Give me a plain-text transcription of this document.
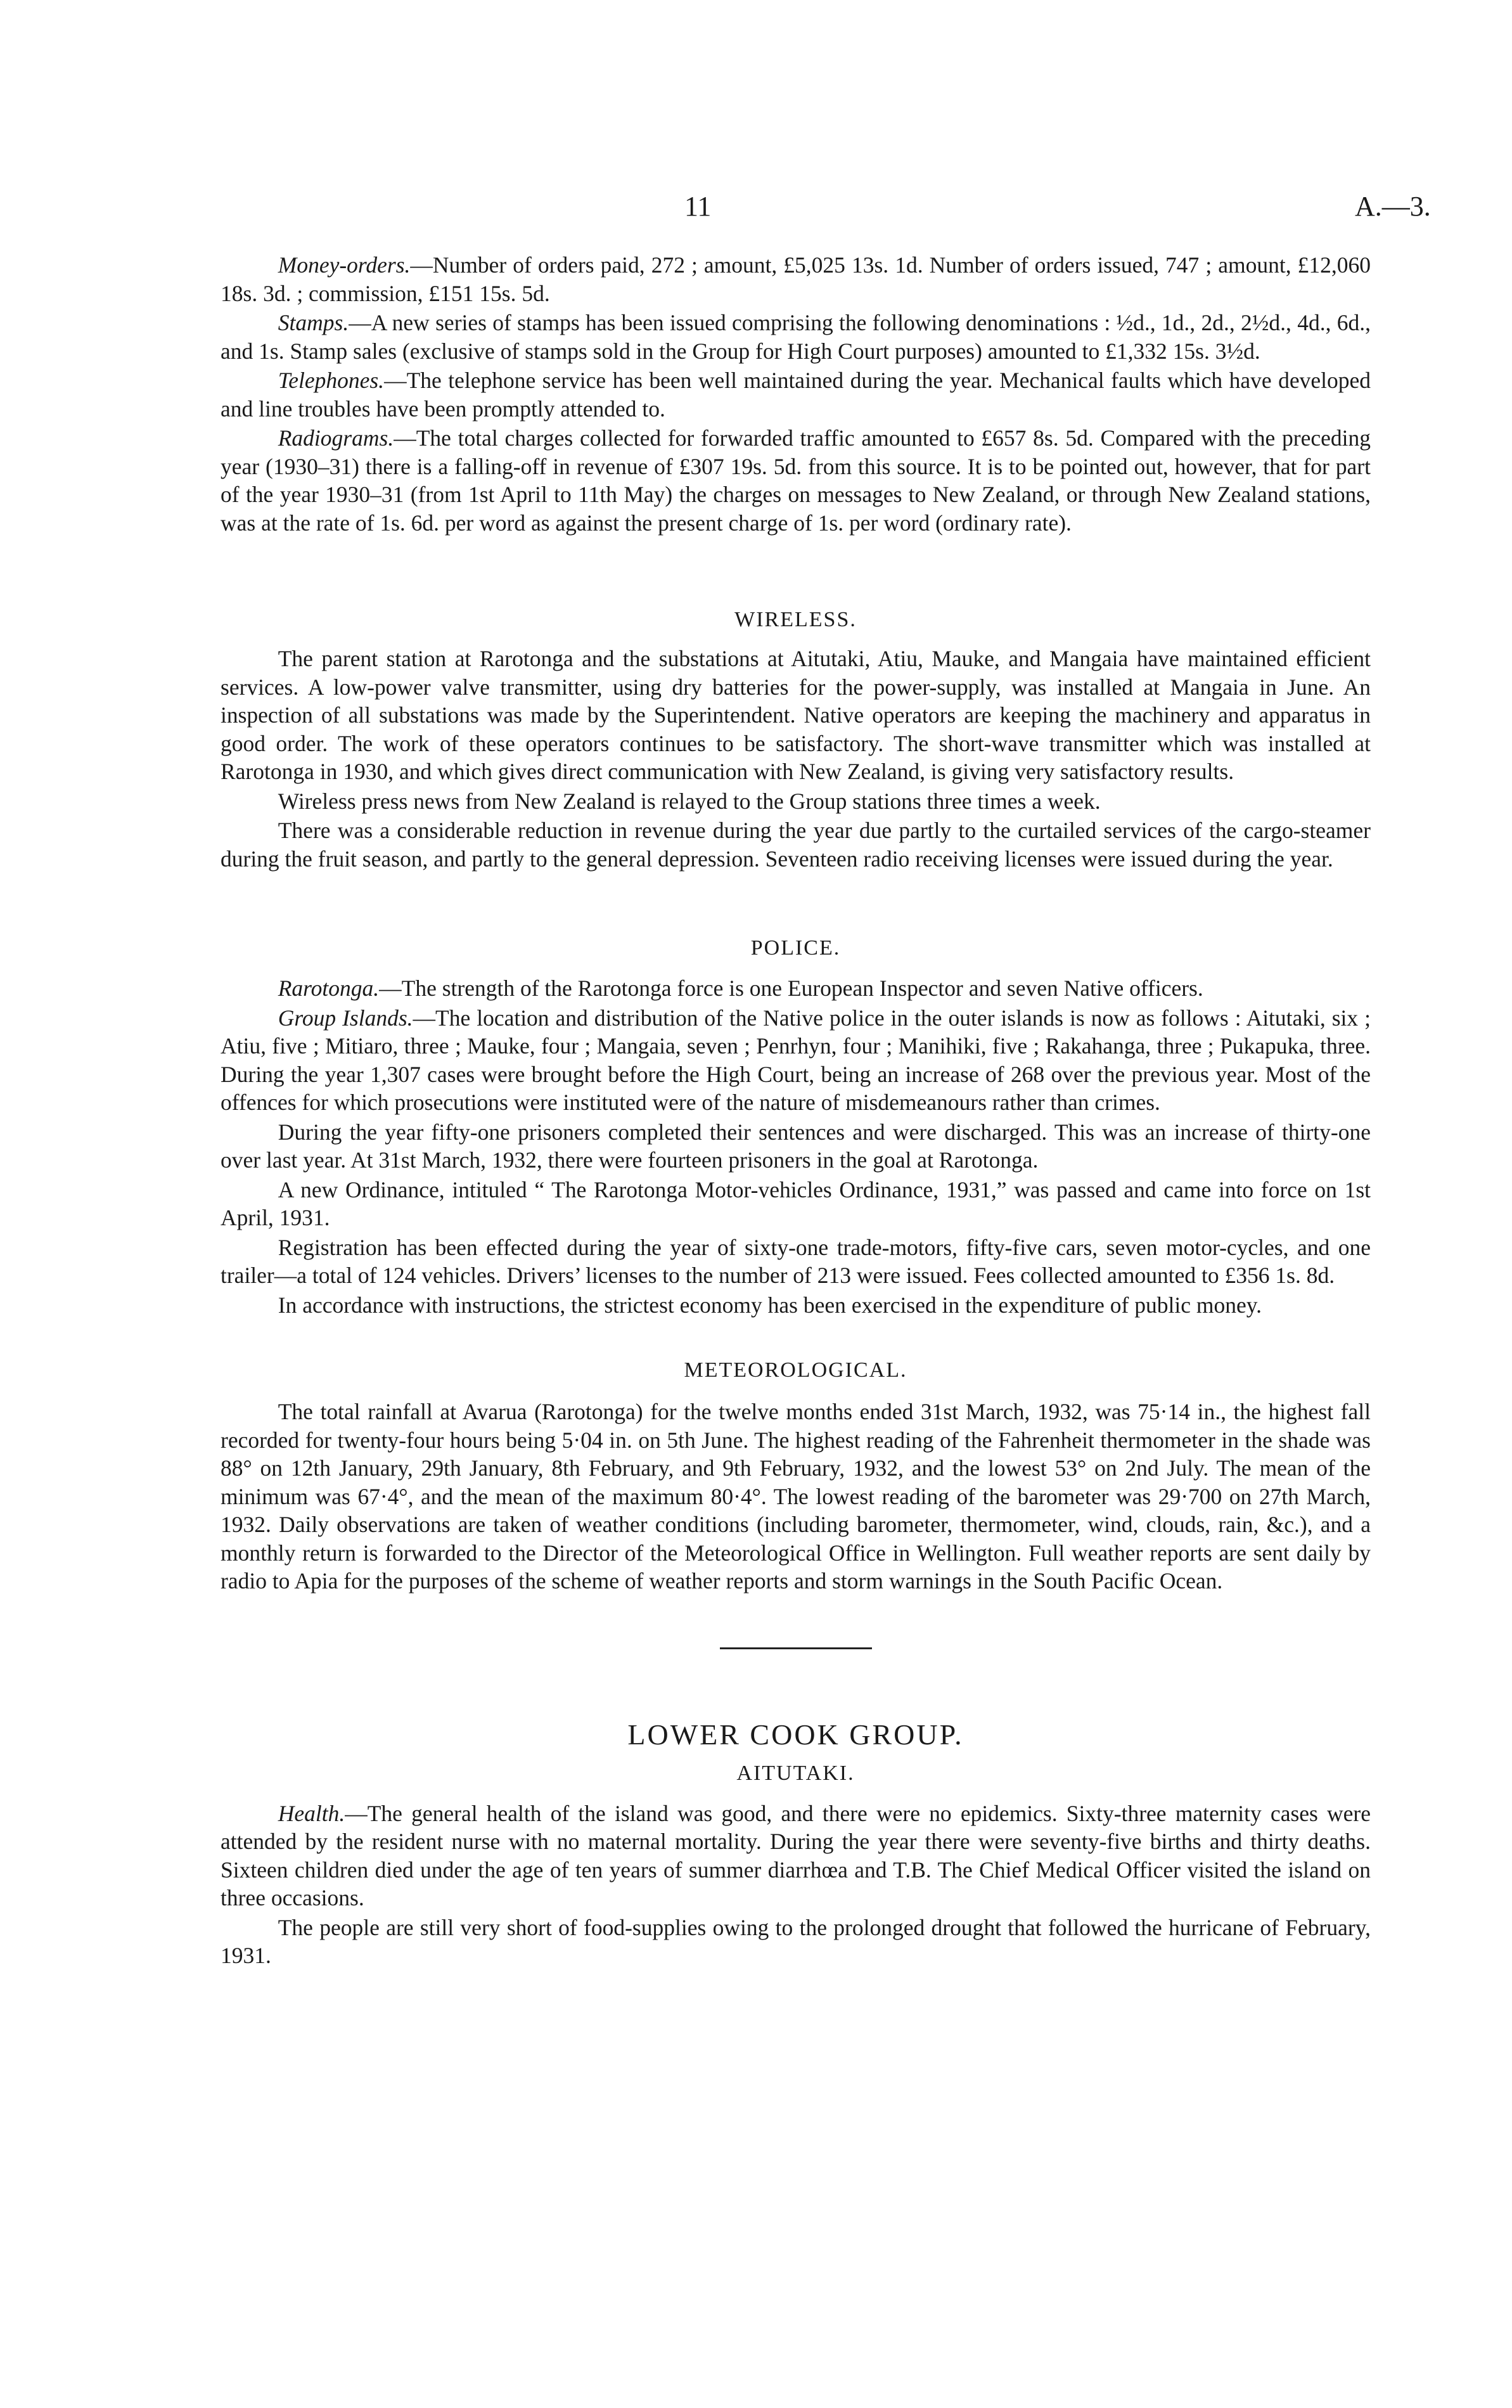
11	A.—3.

Money-orders.—Number of orders paid, 272 ; amount, £5,025 13s. 1d. Number of orders issued, 747 ; amount, £12,060 18s. 3d. ; commission, £151 15s. 5d.

Stamps.—A new series of stamps has been issued comprising the following denominations : ½d., 1d., 2d., 2½d., 4d., 6d., and 1s. Stamp sales (exclusive of stamps sold in the Group for High Court purposes) amounted to £1,332 15s. 3½d.

Telephones.—The telephone service has been well maintained during the year. Mechanical faults which have developed and line troubles have been promptly attended to.

Radiograms.—The total charges collected for forwarded traffic amounted to £657 8s. 5d. Compared with the preceding year (1930–31) there is a falling-off in revenue of £307 19s. 5d. from this source. It is to be pointed out, however, that for part of the year 1930–31 (from 1st April to 11th May) the charges on messages to New Zealand, or through New Zealand stations, was at the rate of 1s. 6d. per word as against the present charge of 1s. per word (ordinary rate).

WIRELESS.

The parent station at Rarotonga and the substations at Aitutaki, Atiu, Mauke, and Mangaia have maintained efficient services. A low-power valve transmitter, using dry batteries for the power-supply, was installed at Mangaia in June. An inspection of all substations was made by the Superintendent. Native operators are keeping the machinery and apparatus in good order. The work of these operators continues to be satisfactory. The short-wave transmitter which was installed at Rarotonga in 1930, and which gives direct communication with New Zealand, is giving very satisfactory results.

Wireless press news from New Zealand is relayed to the Group stations three times a week.

There was a considerable reduction in revenue during the year due partly to the curtailed services of the cargo-steamer during the fruit season, and partly to the general depression. Seventeen radio receiving licenses were issued during the year.

POLICE.

Rarotonga.—The strength of the Rarotonga force is one European Inspector and seven Native officers.

Group Islands.—The location and distribution of the Native police in the outer islands is now as follows : Aitutaki, six ; Atiu, five ; Mitiaro, three ; Mauke, four ; Mangaia, seven ; Penrhyn, four ; Manihiki, five ; Rakahanga, three ; Pukapuka, three. During the year 1,307 cases were brought before the High Court, being an increase of 268 over the previous year. Most of the offences for which prosecutions were instituted were of the nature of misdemeanours rather than crimes.

During the year fifty-one prisoners completed their sentences and were discharged. This was an increase of thirty-one over last year. At 31st March, 1932, there were fourteen prisoners in the goal at Rarotonga.

A new Ordinance, intituled “ The Rarotonga Motor-vehicles Ordinance, 1931,” was passed and came into force on 1st April, 1931.

Registration has been effected during the year of sixty-one trade-motors, fifty-five cars, seven motor-cycles, and one trailer—a total of 124 vehicles. Drivers’ licenses to the number of 213 were issued. Fees collected amounted to £356 1s. 8d.

In accordance with instructions, the strictest economy has been exercised in the expenditure of public money.

METEOROLOGICAL.

The total rainfall at Avarua (Rarotonga) for the twelve months ended 31st March, 1932, was 75·14 in., the highest fall recorded for twenty-four hours being 5·04 in. on 5th June. The highest reading of the Fahrenheit thermometer in the shade was 88° on 12th January, 29th January, 8th February, and 9th February, 1932, and the lowest 53° on 2nd July. The mean of the minimum was 67·4°, and the mean of the maximum 80·4°. The lowest reading of the barometer was 29·700 on 27th March, 1932. Daily observations are taken of weather conditions (including barometer, thermometer, wind, clouds, rain, &c.), and a monthly return is forwarded to the Director of the Meteorological Office in Wellington. Full weather reports are sent daily by radio to Apia for the purposes of the scheme of weather reports and storm warnings in the South Pacific Ocean.

LOWER COOK GROUP.
AITUTAKI.

Health.—The general health of the island was good, and there were no epidemics. Sixty-three maternity cases were attended by the resident nurse with no maternal mortality. During the year there were seventy-five births and thirty deaths. Sixteen children died under the age of ten years of summer diarrhœa and T.B. The Chief Medical Officer visited the island on three occasions.

The people are still very short of food-supplies owing to the prolonged drought that followed the hurricane of February, 1931.
